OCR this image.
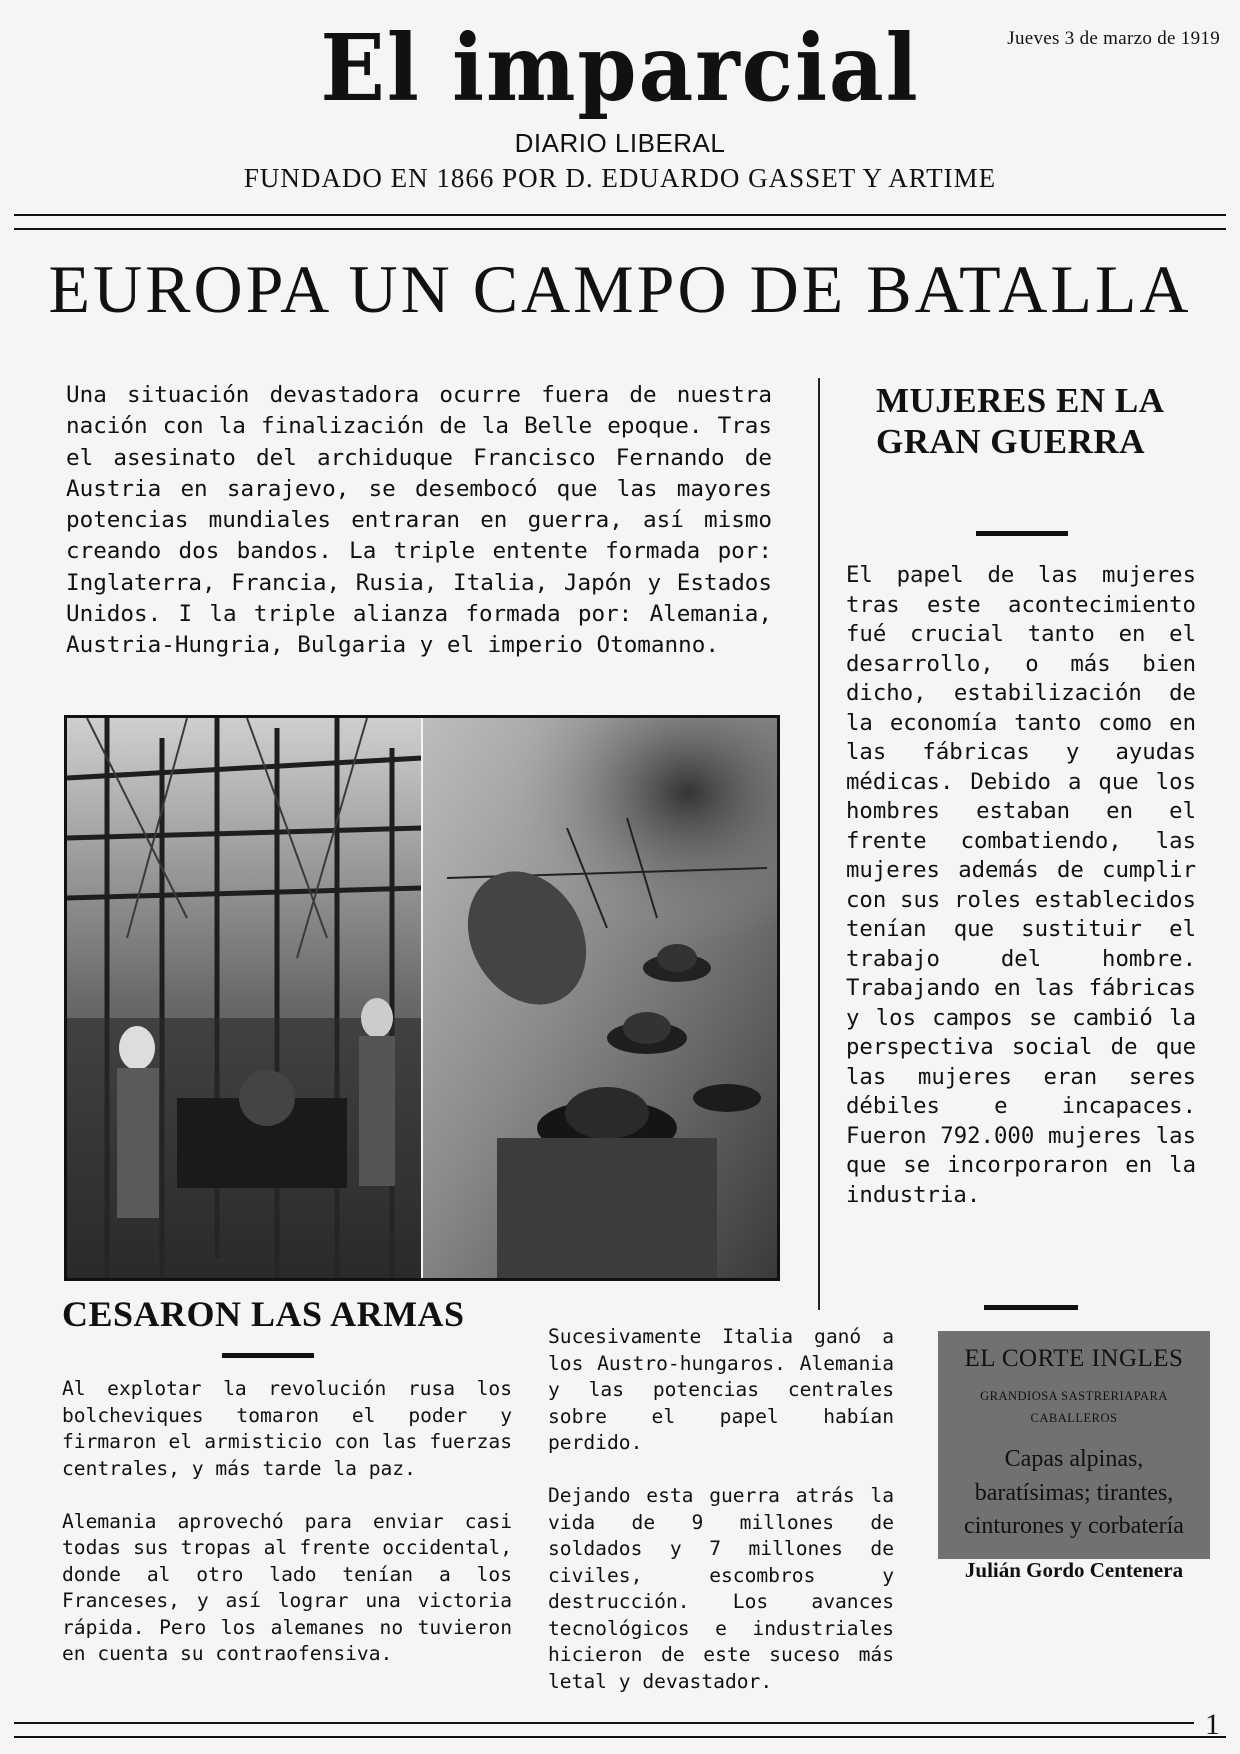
El imparcial	Jueves 3 de marzo de 1919
DIARIO LIBERAL
FUNDADO EN 1866 POR D. EDUARDO GASSET Y ARTIME
EUROPA UN CAMPO DE BATALLA
Una situación devastadora ocurre fuera de nuestra nación con la finalización de la Belle epoque. Tras el asesinato del archiduque Francisco Fernando de Austria en sarajevo, se desembocó que las mayores potencias mundiales entraran en guerra, así mismo creando dos bandos. La triple entente formada por: Inglaterra, Francia, Rusia, Italia, Japón y Estados Unidos. I la triple alianza formada por: Alemania, Austria-Hungria, Bulgaria y el imperio Otomanno.
MUJERES EN LA GRAN GUERRA
El papel de las mujeres tras este acontecimiento fué crucial tanto en el desarrollo, o más bien dicho, estabilización de la economía tanto como en las fábricas y ayudas médicas. Debido a que los hombres estaban en el frente combatiendo, las mujeres además de cumplir con sus roles establecidos tenían que sustituir el trabajo del hombre. Trabajando en las fábricas y los campos se cambió la perspectiva social de que las mujeres eran seres débiles e incapaces. Fueron 792.000 mujeres las que se incorporaron en la industria.
CESARON LAS ARMAS

Al explotar la revolución rusa los bolcheviques tomaron el poder y firmaron el armisticio con las fuerzas centrales, y más tarde la paz.

Alemania aprovechó para enviar casi todas sus tropas al frente occidental, donde al otro lado tenían a los Franceses, y así lograr una victoria rápida. Pero los alemanes no tuvieron en cuenta su contraofensiva.

Sucesivamente Italia ganó a los Austro-hungaros. Alemania y las potencias centrales sobre el papel habían perdido.

Dejando esta guerra atrás la vida de 9 millones de soldados y 7 millones de civiles, escombros y destrucción. Los avances tecnológicos e industriales hicieron de este suceso más letal y devastador.

EL CORTE INGLES
GRANDIOSA SASTRERIAPARA CABALLEROS
Capas alpinas, baratísimas; tirantes, cinturones y corbatería
Julián Gordo Centenera
1
